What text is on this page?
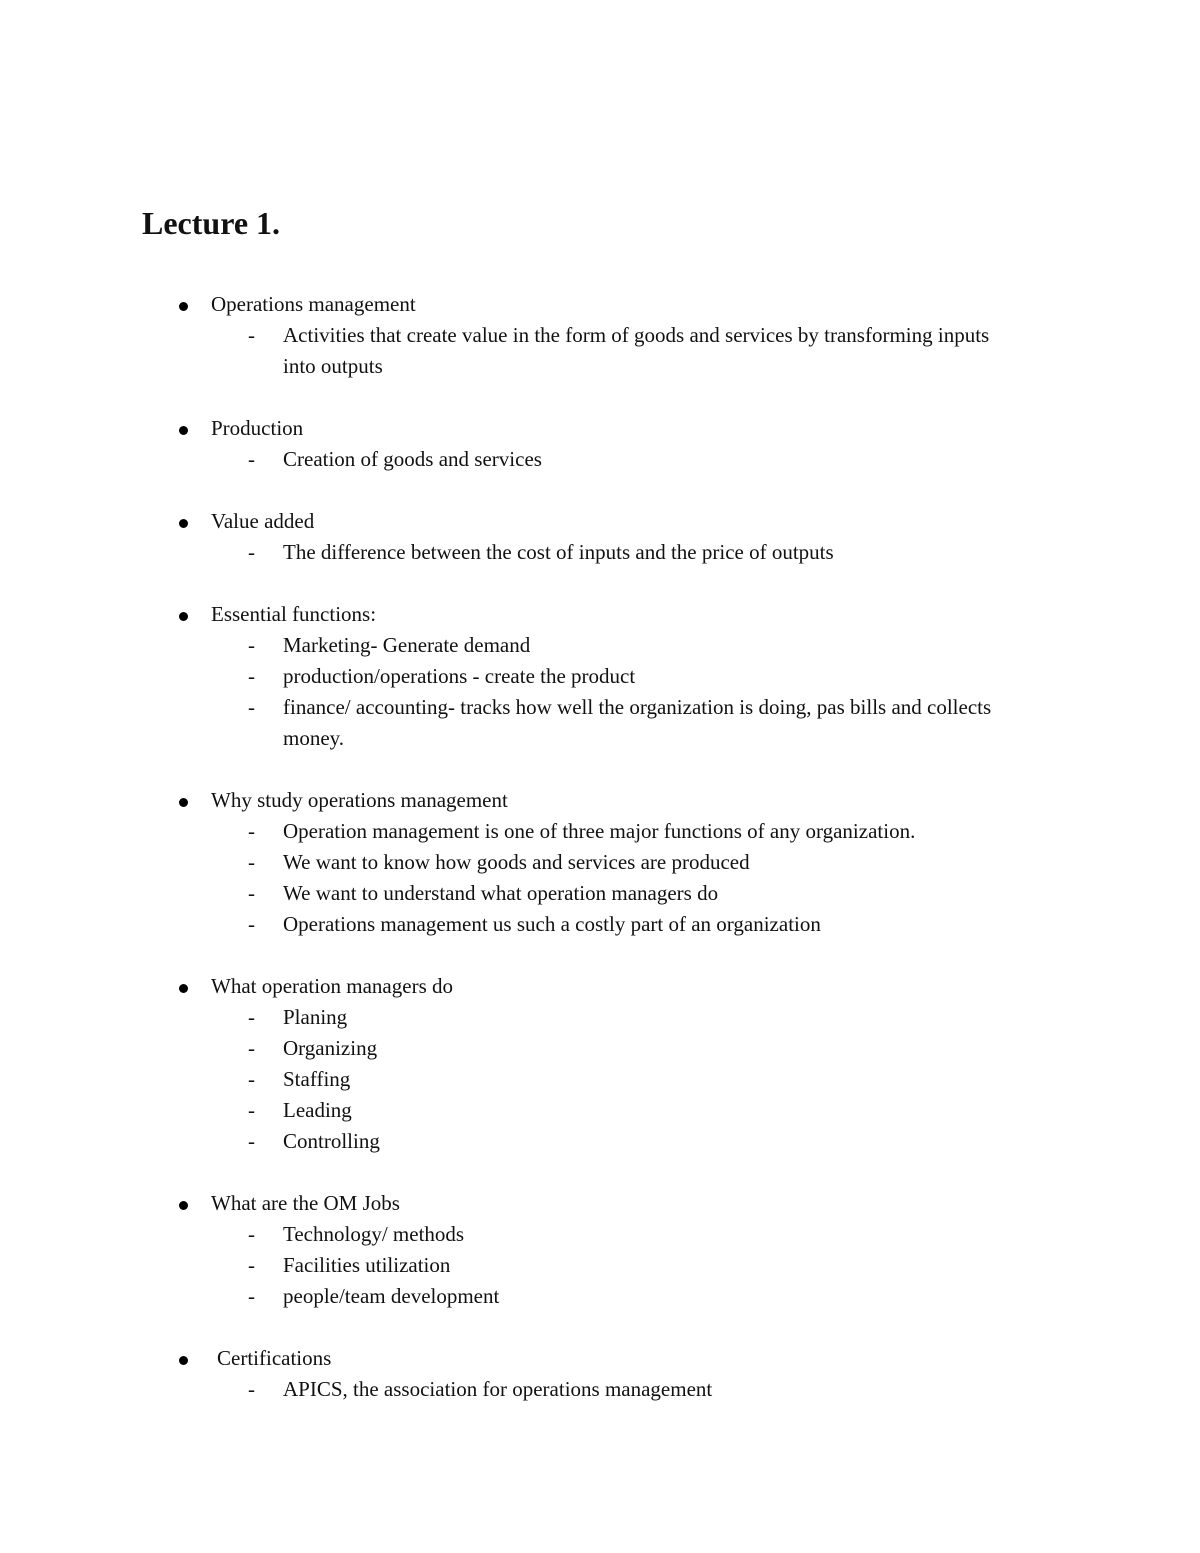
Lecture 1.
Operations management
- Activities that create value in the form of goods and services by transforming inputs into outputs
Production
- Creation of goods and services
Value added
- The difference between the cost of inputs and the price of outputs
Essential functions:
- Marketing- Generate demand
- production/operations - create the product
- finance/ accounting- tracks how well the organization is doing, pas bills and collects money.
Why study operations management
- Operation management is one of three major functions of any organization.
- We want to know how goods and services are produced
- We want to understand what operation managers do
- Operations management us such a costly part of an organization
What operation managers do
- Planing
- Organizing
- Staffing
- Leading
- Controlling
What are the OM Jobs
- Technology/ methods
- Facilities utilization
- people/team development
Certifications
- APICS, the association for operations management
